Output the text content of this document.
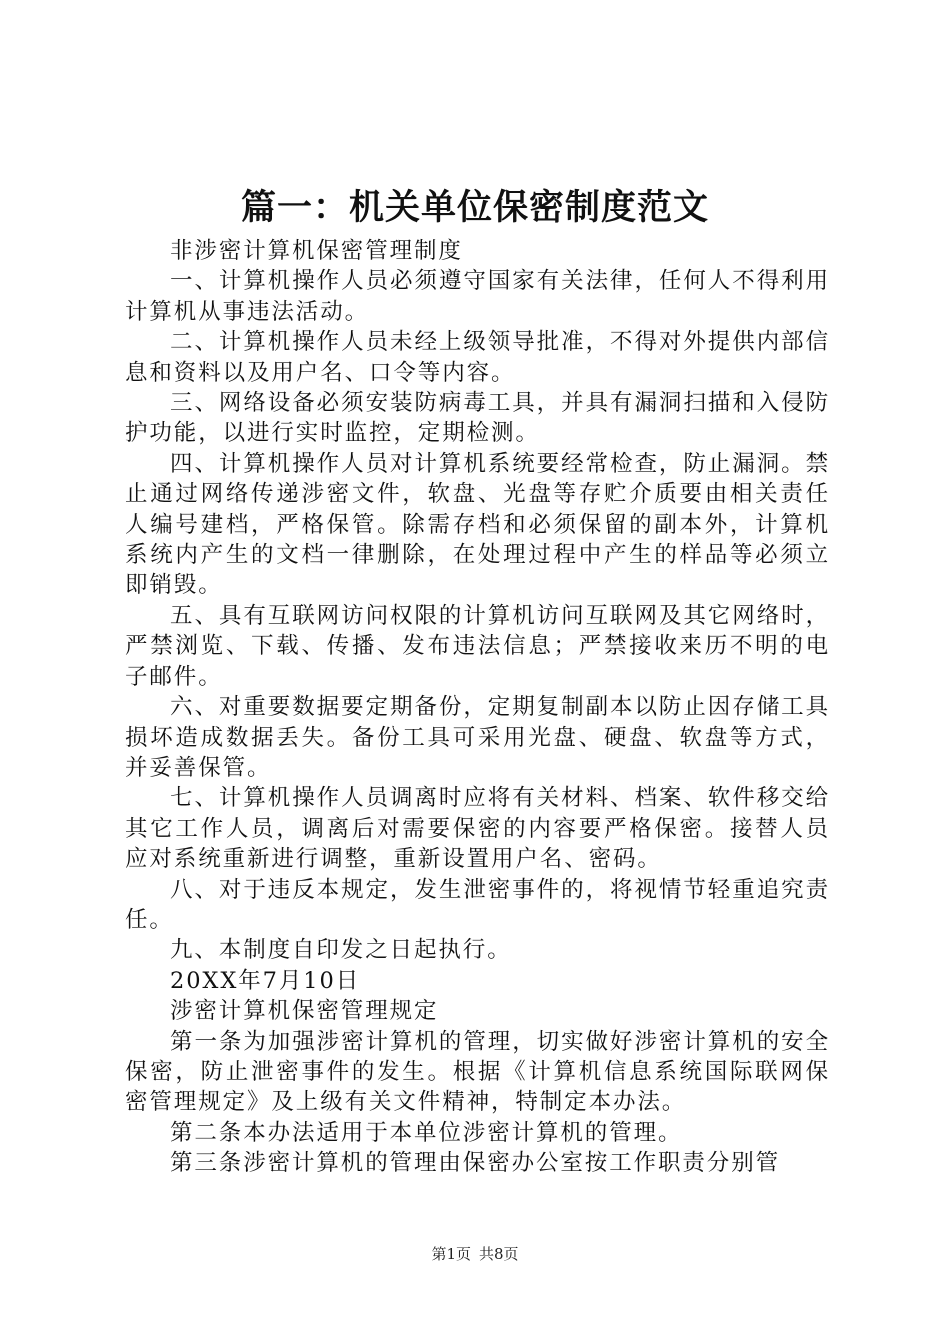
篇一：机关单位保密制度范文

非涉密计算机保密管理制度

一、计算机操作人员必须遵守国家有关法律，任何人不得利用计算机从事违法活动。

二、计算机操作人员未经上级领导批准，不得对外提供内部信息和资料以及用户名、口令等内容。

三、网络设备必须安装防病毒工具，并具有漏洞扫描和入侵防护功能，以进行实时监控，定期检测。

四、计算机操作人员对计算机系统要经常检查，防止漏洞。禁止通过网络传递涉密文件，软盘、光盘等存贮介质要由相关责任人编号建档，严格保管。除需存档和必须保留的副本外，计算机系统内产生的文档一律删除，在处理过程中产生的样品等必须立即销毁。

五、具有互联网访问权限的计算机访问互联网及其它网络时，严禁浏览、下载、传播、发布违法信息；严禁接收来历不明的电子邮件。

六、对重要数据要定期备份，定期复制副本以防止因存储工具损坏造成数据丢失。备份工具可采用光盘、硬盘、软盘等方式，并妥善保管。

七、计算机操作人员调离时应将有关材料、档案、软件移交给其它工作人员，调离后对需要保密的内容要严格保密。接替人员应对系统重新进行调整，重新设置用户名、密码。

八、对于违反本规定，发生泄密事件的，将视情节轻重追究责任。

九、本制度自印发之日起执行。

20XX年7月10日

涉密计算机保密管理规定

第一条为加强涉密计算机的管理，切实做好涉密计算机的安全保密，防止泄密事件的发生。根据《计算机信息系统国际联网保密管理规定》及上级有关文件精神，特制定本办法。

第二条本办法适用于本单位涉密计算机的管理。

第三条涉密计算机的管理由保密办公室按工作职责分别管

第1页 共8页
